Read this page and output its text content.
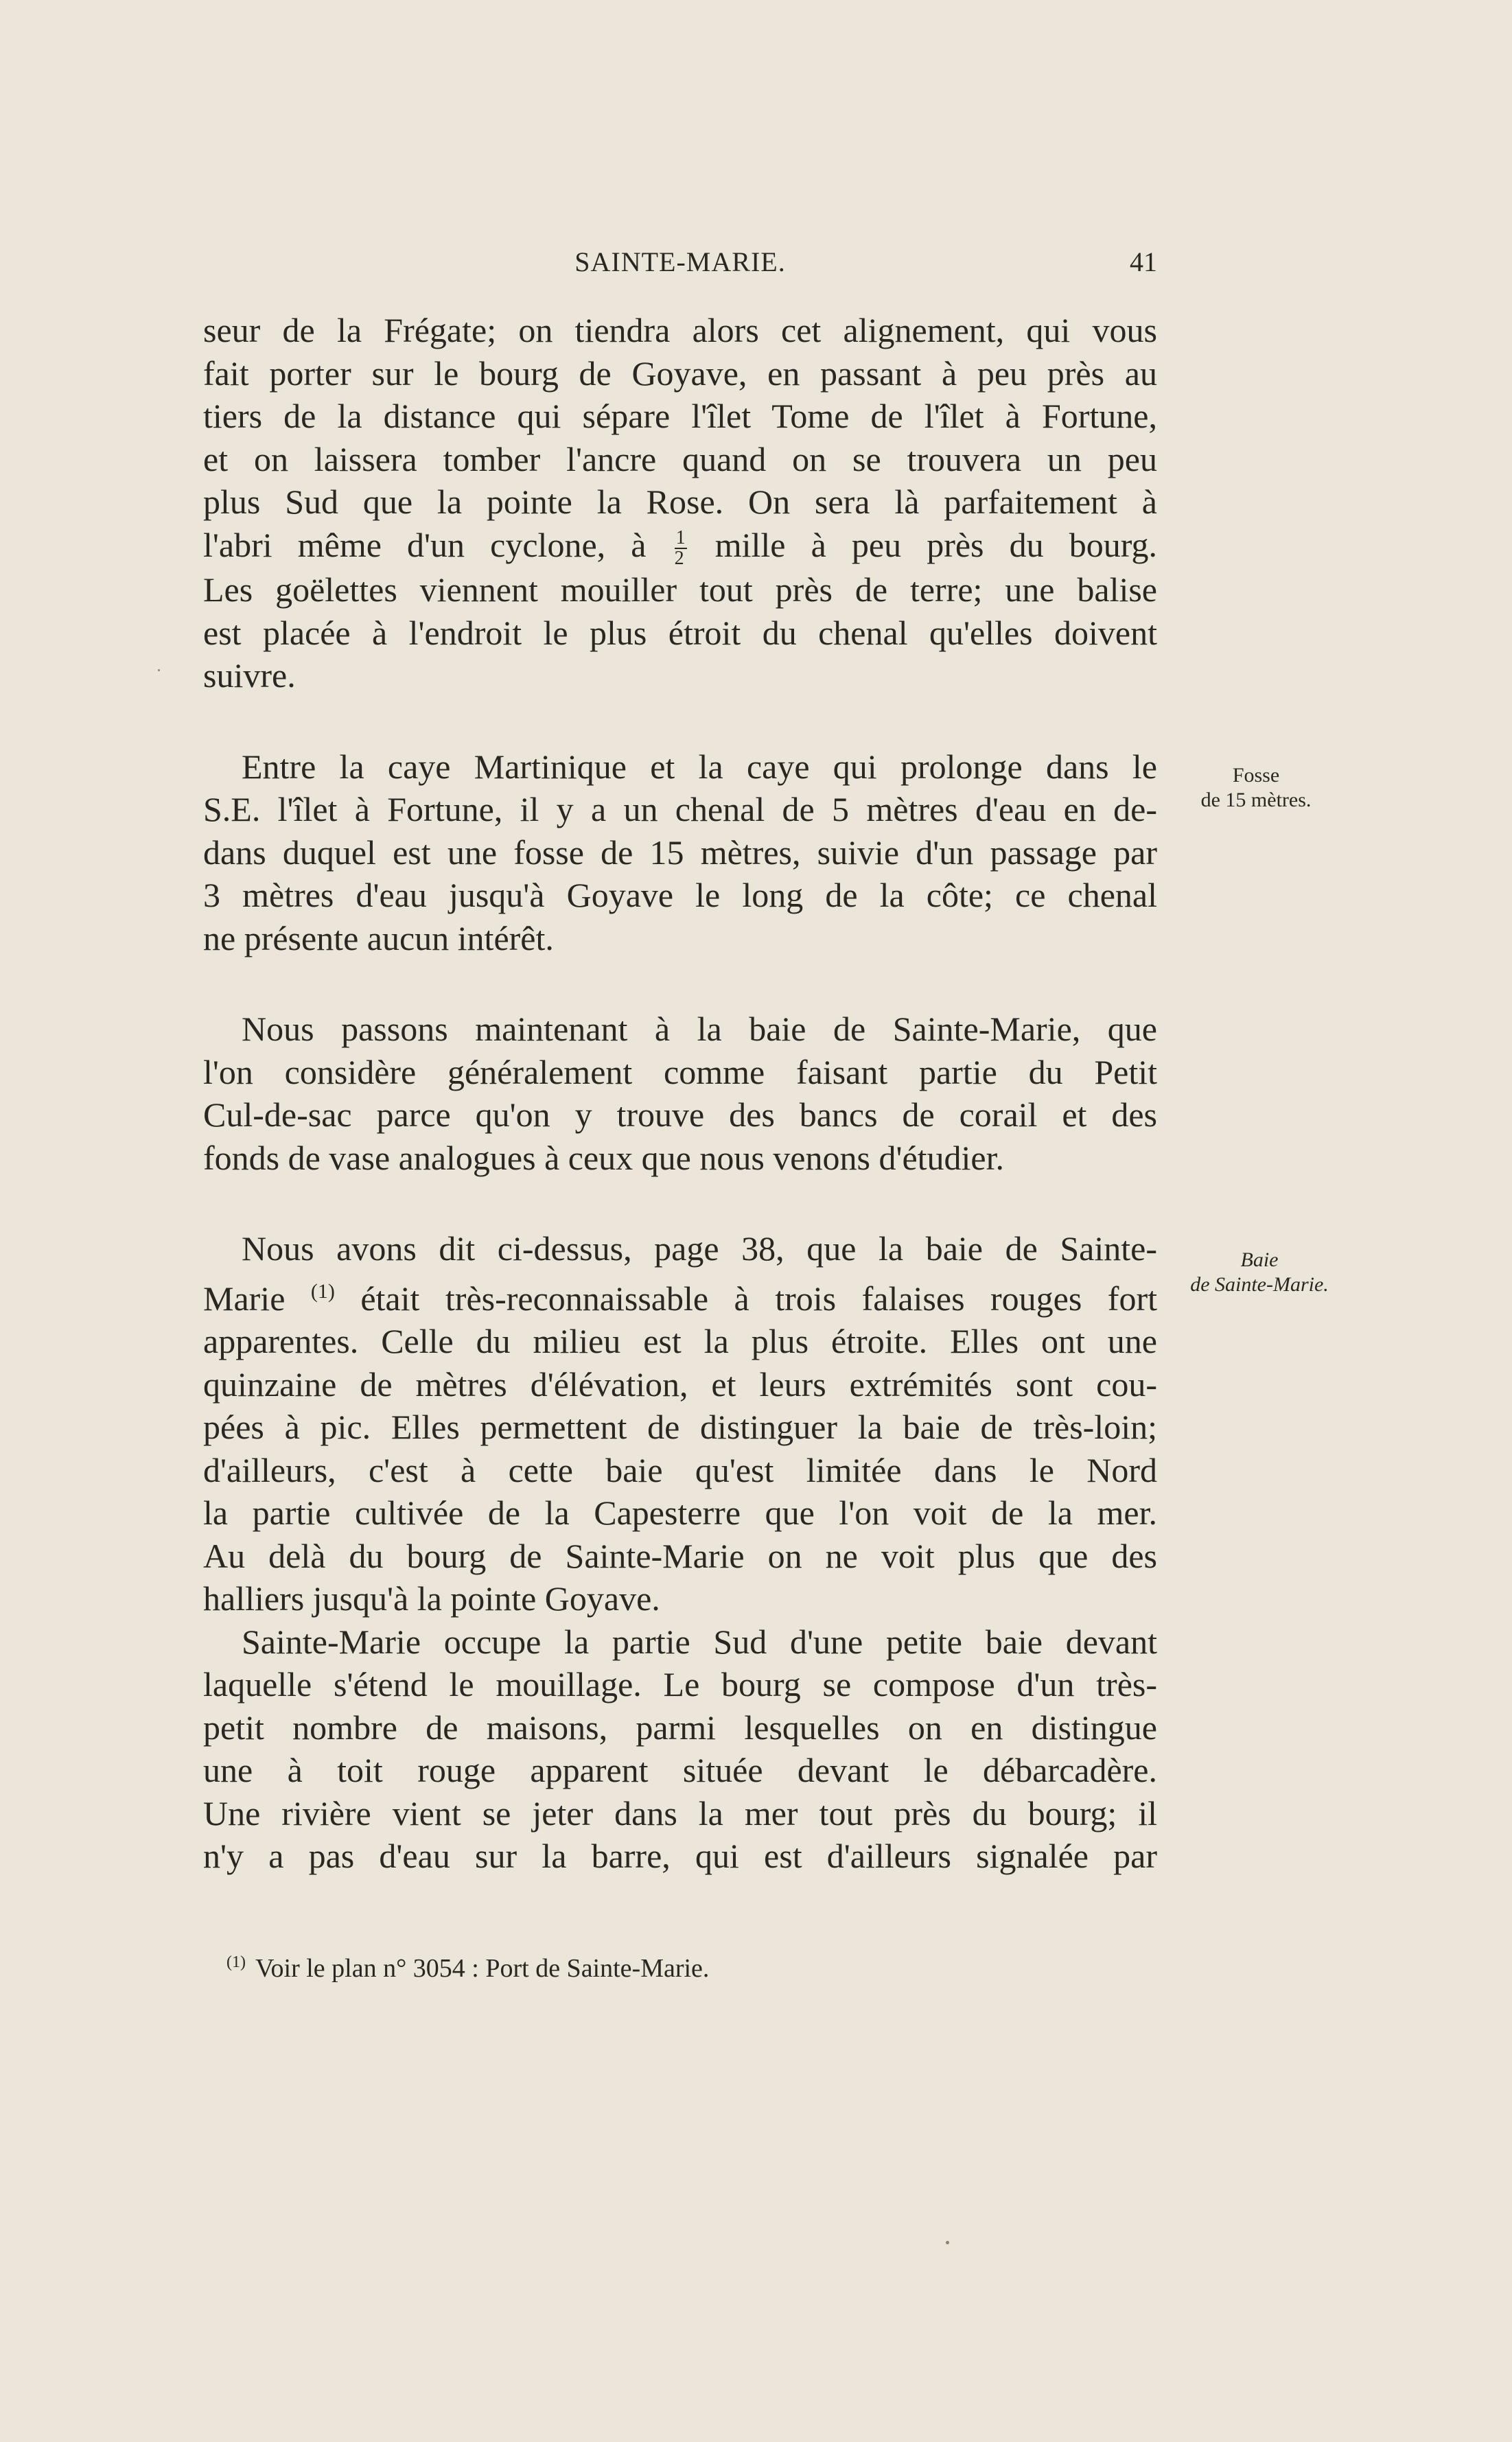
SAINTE-MARIE.	41
seur de la Frégate; on tiendra alors cet alignement, qui vous
fait porter sur le bourg de Goyave, en passant à peu près au
tiers de la distance qui sépare l'îlet Tome de l'îlet à Fortune,
et on laissera tomber l'ancre quand on se trouvera un peu
plus Sud que la pointe la Rose. On sera là parfaitement à
l'abri même d'un cyclone, à $\frac{1}{2}$ mille à peu près du bourg.
Les goëlettes viennent mouiller tout près de terre; une balise
est placée à l'endroit le plus étroit du chenal qu'elles doivent
suivre.
Entre la caye Martinique et la caye qui prolonge dans le
S.E. l'îlet à Fortune, il y a un chenal de 5 mètres d'eau en de-
dans duquel est une fosse de 15 mètres, suivie d'un passage par
3 mètres d'eau jusqu'à Goyave le long de la côte; ce chenal
ne présente aucun intérêt.
Nous passons maintenant à la baie de Sainte-Marie, que
l'on considère généralement comme faisant partie du Petit
Cul-de-sac parce qu'on y trouve des bancs de corail et des
fonds de vase analogues à ceux que nous venons d'étudier.
Nous avons dit ci-dessus, page 38, que la baie de Sainte-
Marie $^{(1)}$ était très-reconnaissable à trois falaises rouges fort
apparentes. Celle du milieu est la plus étroite. Elles ont une
quinzaine de mètres d'élévation, et leurs extrémités sont cou-
pées à pic. Elles permettent de distinguer la baie de très-loin;
d'ailleurs, c'est à cette baie qu'est limitée dans le Nord
la partie cultivée de la Capesterre que l'on voit de la mer.
Au delà du bourg de Sainte-Marie on ne voit plus que des
halliers jusqu'à la pointe Goyave.
Sainte-Marie occupe la partie Sud d'une petite baie devant
laquelle s'étend le mouillage. Le bourg se compose d'un très-
petit nombre de maisons, parmi lesquelles on en distingue
une à toit rouge apparent située devant le débarcadère.
Une rivière vient se jeter dans la mer tout près du bourg; il
n'y a pas d'eau sur la barre, qui est d'ailleurs signalée par
Fosse
de 15 mètres.
Baie
de Sainte-Marie.
$^{(1)}$ Voir le plan n° 3054 : Port de Sainte-Marie.
